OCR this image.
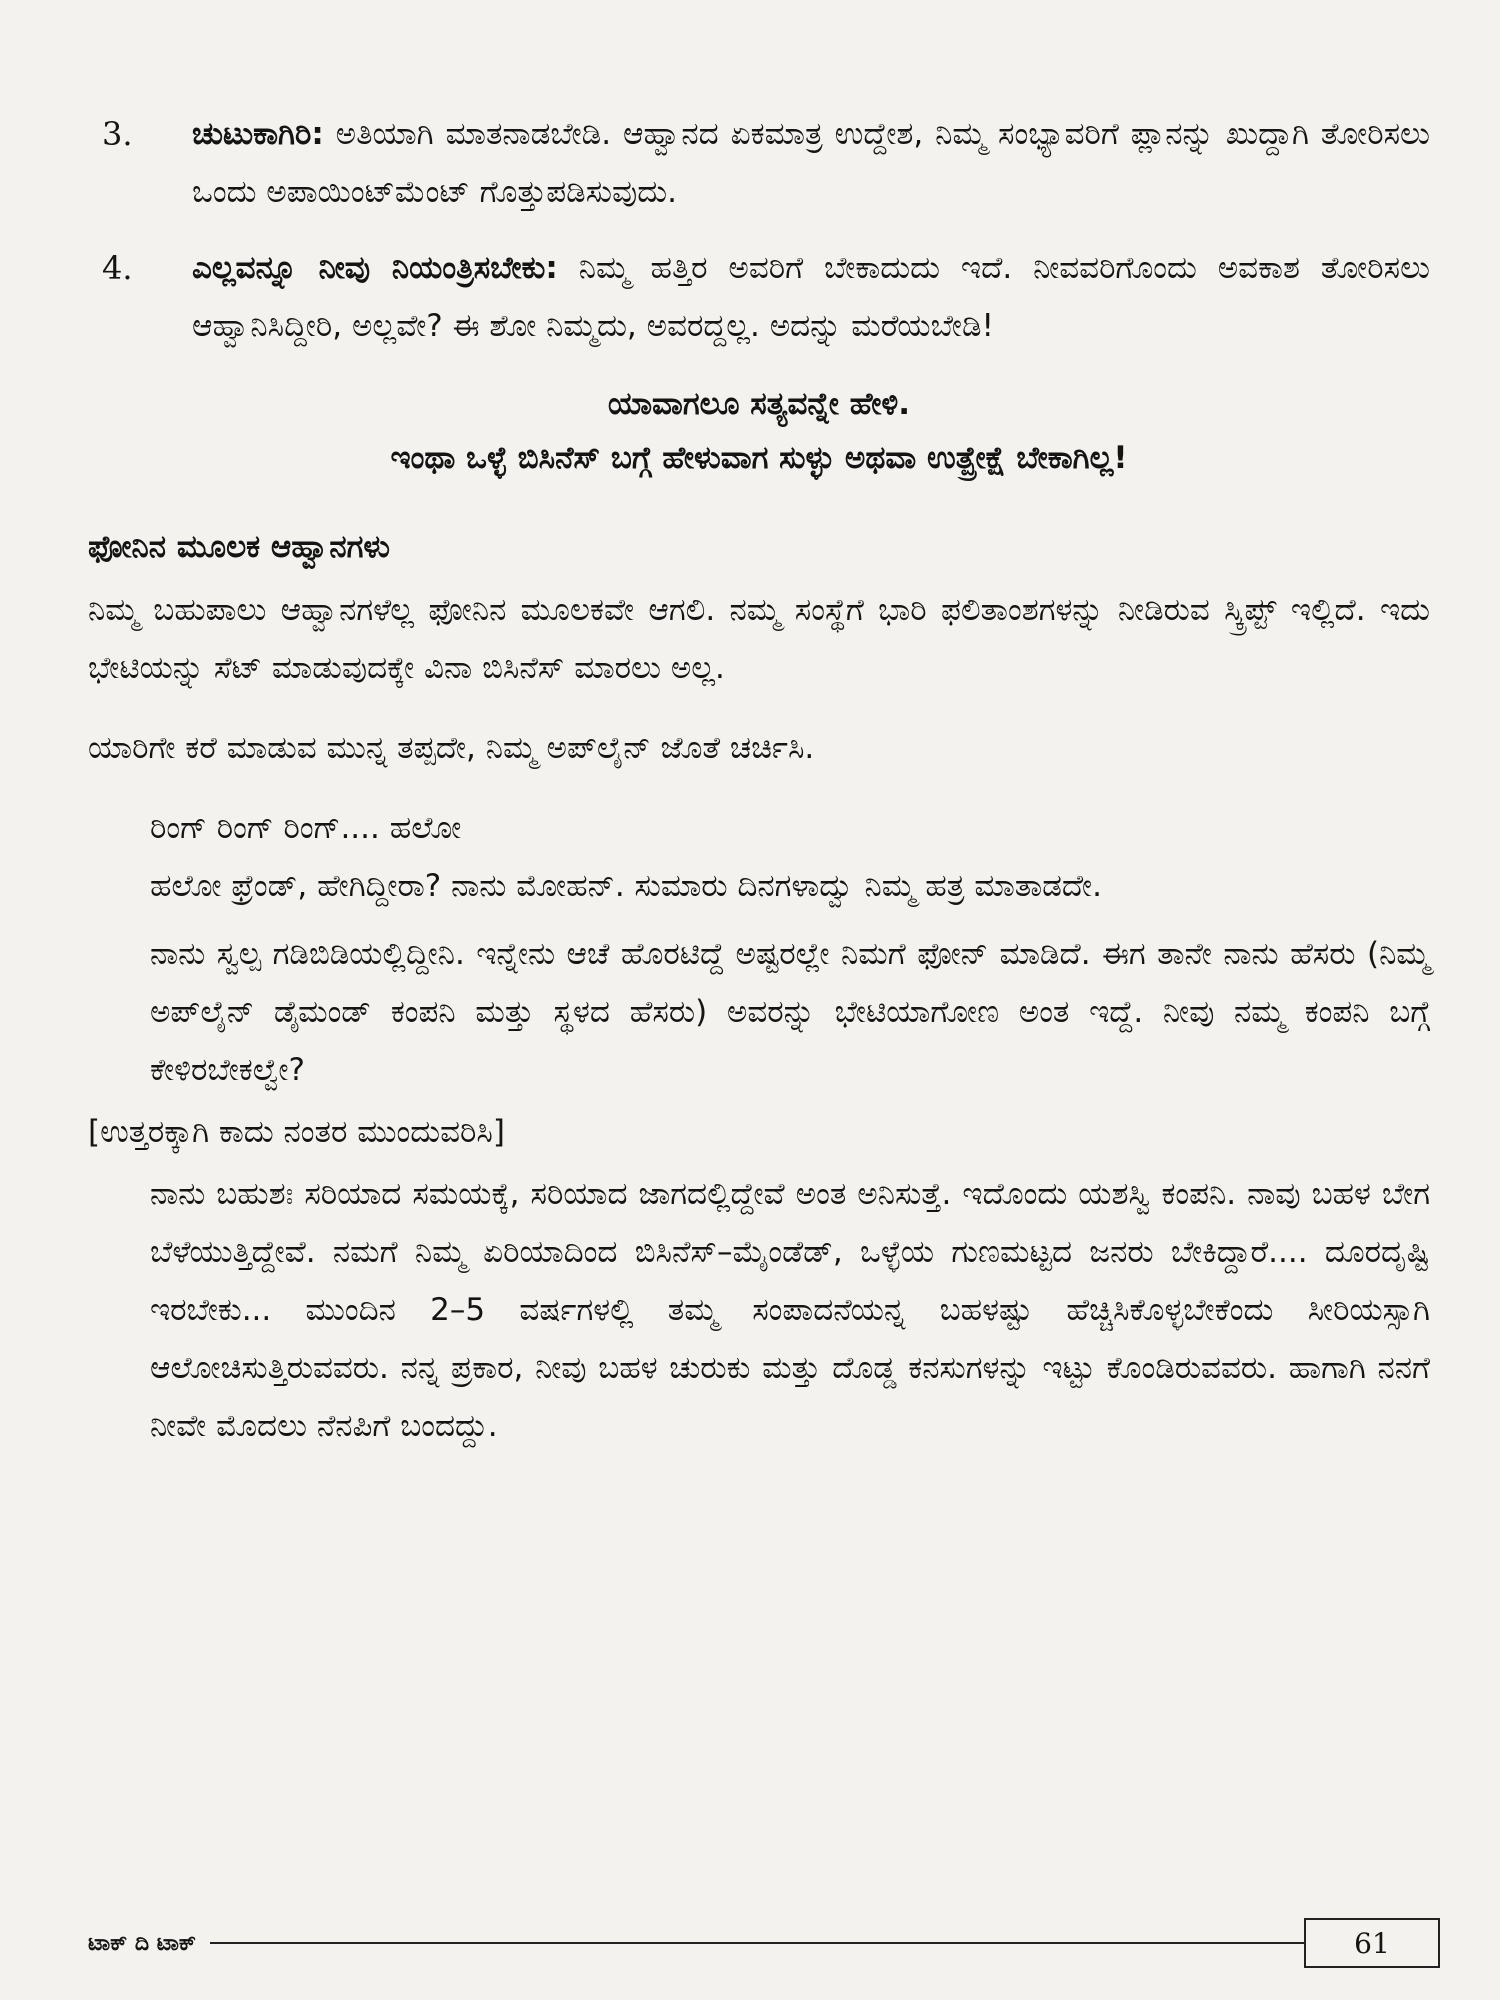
3.	ಚುಟುಕಾಗಿರಿ: ಅತಿಯಾಗಿ ಮಾತನಾಡಬೇಡಿ. ಆಹ್ವಾನದ ಏಕಮಾತ್ರ ಉದ್ದೇಶ, ನಿಮ್ಮ ಸಂಭ್ಯಾವರಿಗೆ ಪ್ಲಾನನ್ನು ಖುದ್ದಾಗಿ ತೋರಿಸಲು ಒಂದು ಅಪಾಯಿಂಟ್‌ಮೆಂಟ್ ಗೊತ್ತುಪಡಿಸುವುದು.

4.	ಎಲ್ಲವನ್ನೂ ನೀವು ನಿಯಂತ್ರಿಸಬೇಕು: ನಿಮ್ಮ ಹತ್ತಿರ ಅವರಿಗೆ ಬೇಕಾದುದು ಇದೆ. ನೀವವರಿಗೊಂದು ಅವಕಾಶ ತೋರಿಸಲು ಆಹ್ವಾನಿಸಿದ್ದೀರಿ, ಅಲ್ಲವೇ? ಈ ಶೋ ನಿಮ್ಮದು, ಅವರದ್ದಲ್ಲ. ಅದನ್ನು ಮರೆಯಬೇಡಿ!

ಯಾವಾಗಲೂ ಸತ್ಯವನ್ನೇ ಹೇಳಿ.

ಇಂಥಾ ಒಳ್ಳೆ ಬಿಸಿನೆಸ್ ಬಗ್ಗೆ ಹೇಳುವಾಗ ಸುಳ್ಳು ಅಥವಾ ಉತ್ಪ್ರೇಕ್ಷೆ ಬೇಕಾಗಿಲ್ಲ!

ಫೋನಿನ ಮೂಲಕ ಆಹ್ವಾನಗಳು

ನಿಮ್ಮ ಬಹುಪಾಲು ಆಹ್ವಾನಗಳೆಲ್ಲ ಫೋನಿನ ಮೂಲಕವೇ ಆಗಲಿ. ನಮ್ಮ ಸಂಸ್ಥೆಗೆ ಭಾರಿ ಫಲಿತಾಂಶಗಳನ್ನು ನೀಡಿರುವ ಸ್ಕ್ರಿಪ್ಟ್ ಇಲ್ಲಿದೆ. ಇದು ಭೇಟಿಯನ್ನು ಸೆಟ್ ಮಾಡುವುದಕ್ಕೇ ವಿನಾ ಬಿಸಿನೆಸ್ ಮಾರಲು ಅಲ್ಲ.

ಯಾರಿಗೇ ಕರೆ ಮಾಡುವ ಮುನ್ನ ತಪ್ಪದೇ, ನಿಮ್ಮ ಅಪ್‌ಲೈನ್ ಜೊತೆ ಚರ್ಚಿಸಿ.

ರಿಂಗ್ ರಿಂಗ್ ರಿಂಗ್.... ಹಲೋ

ಹಲೋ ಫ್ರೆಂಡ್, ಹೇಗಿದ್ದೀರಾ? ನಾನು ಮೋಹನ್. ಸುಮಾರು ದಿನಗಳಾದ್ವು ನಿಮ್ಮ ಹತ್ರ ಮಾತಾಡದೇ.

ನಾನು ಸ್ವಲ್ಪ ಗಡಿಬಿಡಿಯಲ್ಲಿದ್ದೀನಿ. ಇನ್ನೇನು ಆಚೆ ಹೊರಟಿದ್ದೆ ಅಷ್ಟರಲ್ಲೇ ನಿಮಗೆ ಫೋನ್ ಮಾಡಿದೆ. ಈಗ ತಾನೇ ನಾನು ಹೆಸರು (ನಿಮ್ಮ ಅಪ್‌ಲೈನ್ ಡೈಮಂಡ್ ಕಂಪನಿ ಮತ್ತು ಸ್ಥಳದ ಹೆಸರು) ಅವರನ್ನು ಭೇಟಿಯಾಗೋಣ ಅಂತ ಇದ್ದೆ. ನೀವು ನಮ್ಮ ಕಂಪನಿ ಬಗ್ಗೆ ಕೇಳಿರಬೇಕಲ್ವೇ?

[ಉತ್ತರಕ್ಕಾಗಿ ಕಾದು ನಂತರ ಮುಂದುವರಿಸಿ]

ನಾನು ಬಹುಶಃ ಸರಿಯಾದ ಸಮಯಕ್ಕೆ, ಸರಿಯಾದ ಜಾಗದಲ್ಲಿದ್ದೇವೆ ಅಂತ ಅನಿಸುತ್ತೆ. ಇದೊಂದು ಯಶಸ್ವಿ ಕಂಪನಿ. ನಾವು ಬಹಳ ಬೇಗ ಬೆಳೆಯುತ್ತಿದ್ದೇವೆ. ನಮಗೆ ನಿಮ್ಮ ಏರಿಯಾದಿಂದ ಬಿಸಿನೆಸ್–ಮೈಂಡೆಡ್, ಒಳ್ಳೆಯ ಗುಣಮಟ್ಟದ ಜನರು ಬೇಕಿದ್ದಾರೆ.... ದೂರದೃಷ್ಟಿ ಇರಬೇಕು... ಮುಂದಿನ 2–5 ವರ್ಷಗಳಲ್ಲಿ ತಮ್ಮ ಸಂಪಾದನೆಯನ್ನ ಬಹಳಷ್ಟು ಹೆಚ್ಚಿಸಿಕೊಳ್ಳಬೇಕೆಂದು ಸೀರಿಯಸ್ಸಾಗಿ ಆಲೋಚಿಸುತ್ತಿರುವವರು. ನನ್ನ ಪ್ರಕಾರ, ನೀವು ಬಹಳ ಚುರುಕು ಮತ್ತು ದೊಡ್ಡ ಕನಸುಗಳನ್ನು ಇಟ್ಟು ಕೊಂಡಿರುವವರು. ಹಾಗಾಗಿ ನನಗೆ ನೀವೇ ಮೊದಲು ನೆನಪಿಗೆ ಬಂದದ್ದು.

ಟಾಕ್ ದಿ ಟಾಕ್	61
